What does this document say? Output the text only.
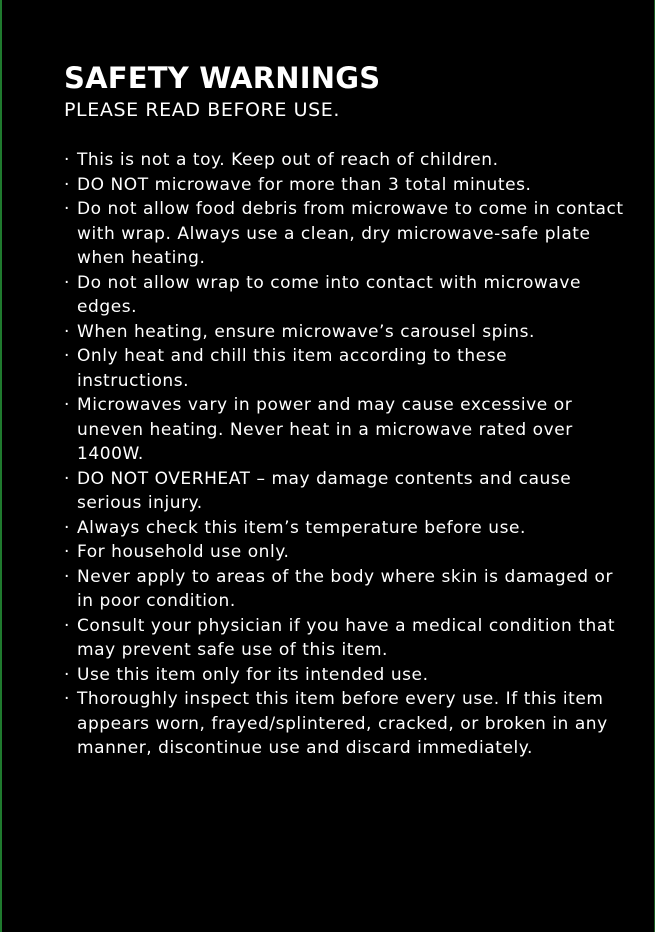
SAFETY WARNINGS

PLEASE READ BEFORE USE.

· This is not a toy. Keep out of reach of children.
· DO NOT microwave for more than 3 total minutes.
· Do not allow food debris from microwave to come in contact with wrap. Always use a clean, dry microwave-safe plate when heating.
· Do not allow wrap to come into contact with microwave edges.
· When heating, ensure microwave’s carousel spins.
· Only heat and chill this item according to these instructions.
· Microwaves vary in power and may cause excessive or uneven heating. Never heat in a microwave rated over 1400W.
· DO NOT OVERHEAT – may damage contents and cause serious injury.
· Always check this item’s temperature before use.
· For household use only.
· Never apply to areas of the body where skin is damaged or in poor condition.
· Consult your physician if you have a medical condition that may prevent safe use of this item.
· Use this item only for its intended use.
· Thoroughly inspect this item before every use. If this item appears worn, frayed/splintered, cracked, or broken in any manner, discontinue use and discard immediately.
